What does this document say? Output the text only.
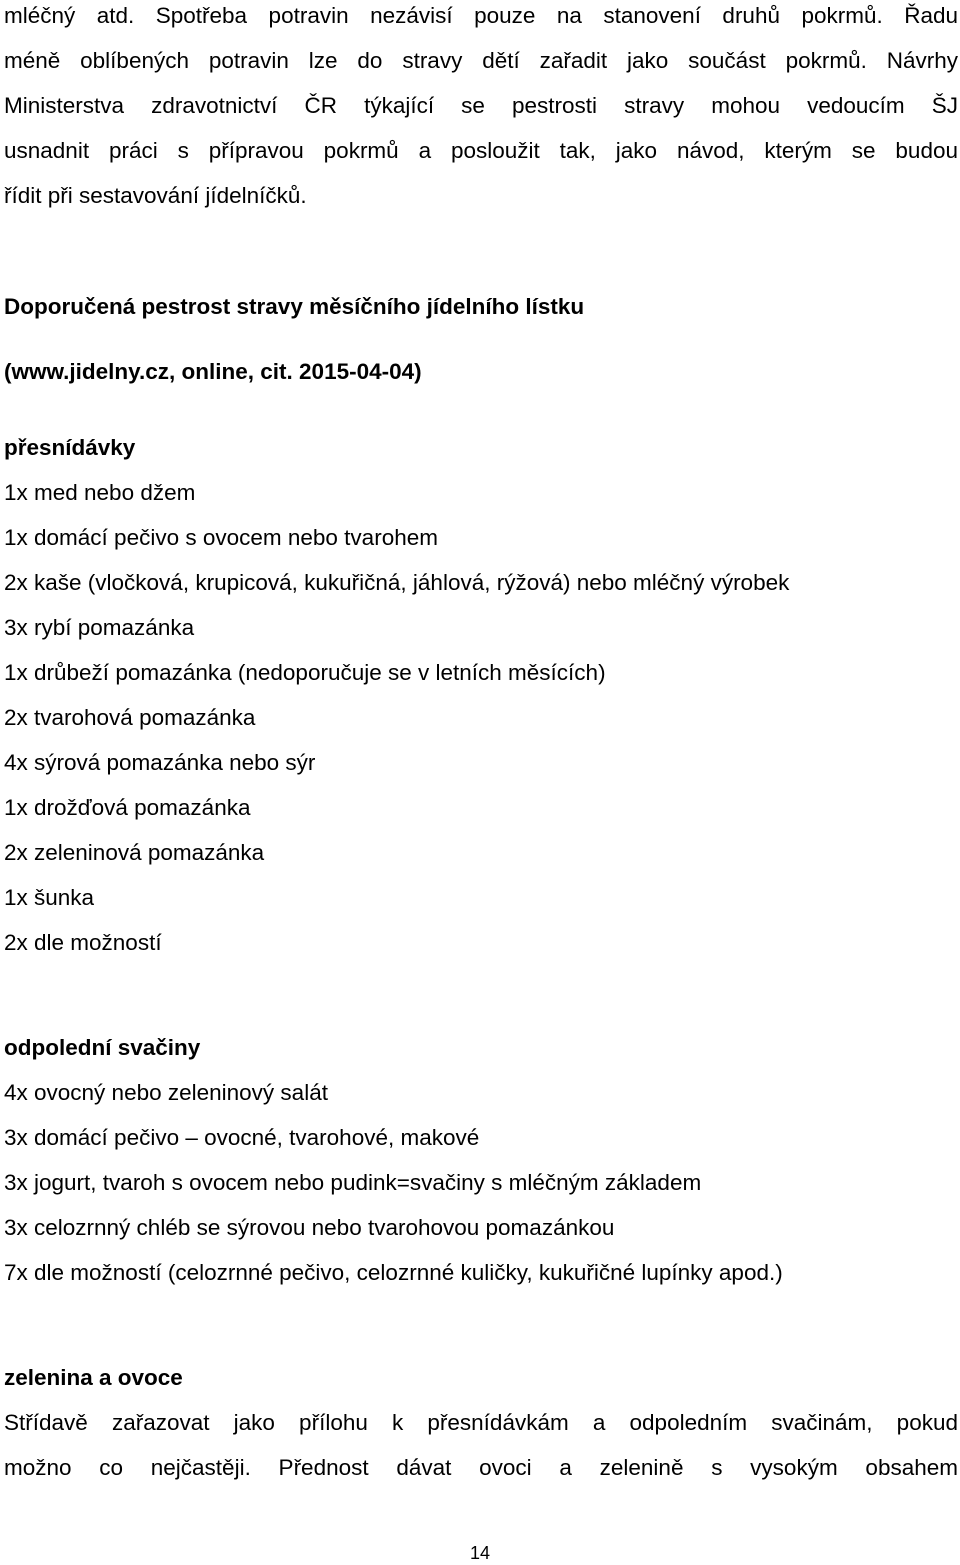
mléčný atd. Spotřeba potravin nezávisí pouze na stanovení druhů pokrmů. Řadu
méně oblíbených potravin lze do stravy dětí zařadit jako součást pokrmů. Návrhy
Ministerstva zdravotnictví ČR týkající se pestrosti stravy mohou vedoucím ŠJ
usnadnit práci s přípravou pokrmů a posloužit tak, jako návod, kterým se budou
řídit při sestavování jídelníčků.
Doporučená pestrost stravy měsíčního jídelního lístku
(www.jidelny.cz, online, cit. 2015-04-04)
přesnídávky
1x med nebo džem
1x domácí pečivo s ovocem nebo tvarohem
2x kaše (vločková, krupicová, kukuřičná, jáhlová, rýžová) nebo mléčný výrobek
3x rybí pomazánka
1x drůbeží pomazánka (nedoporučuje se v letních měsících)
2x tvarohová pomazánka
4x sýrová pomazánka nebo sýr
1x drožďová pomazánka
2x zeleninová pomazánka
1x šunka
2x dle možností
odpolední svačiny
4x ovocný nebo zeleninový salát
3x domácí pečivo – ovocné, tvarohové, makové
3x jogurt, tvaroh s ovocem nebo pudink=svačiny s mléčným základem
3x celozrnný chléb se sýrovou nebo tvarohovou pomazánkou
7x dle možností (celozrnné pečivo, celozrnné kuličky, kukuřičné lupínky apod.)
zelenina a ovoce
Střídavě zařazovat jako přílohu k přesnídávkám a odpoledním svačinám, pokud
možno co nejčastěji. Přednost dávat ovoci a zelenině s vysokým obsahem
14
